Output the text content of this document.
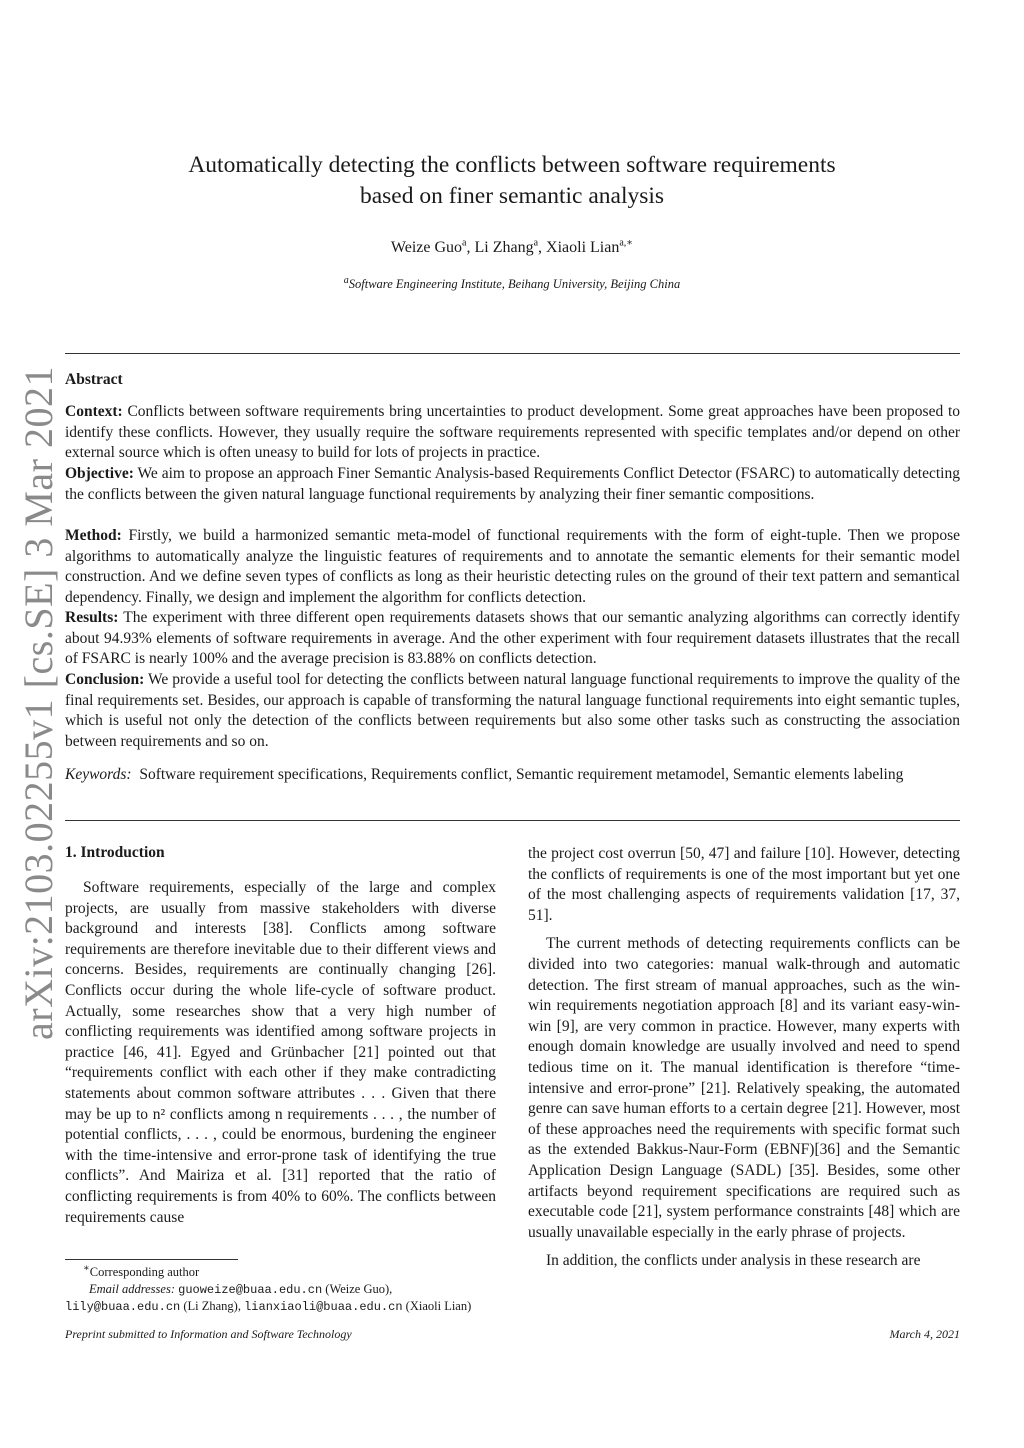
arXiv:2103.02255v1 [cs.SE] 3 Mar 2021
Automatically detecting the conflicts between software requirements
based on finer semantic analysis
Weize Guo$^a$, Li Zhang$^a$, Xiaoli Lian$^{a,∗}$
$^a$Software Engineering Institute, Beihang University, Beijing China
Abstract
Context: Conflicts between software requirements bring uncertainties to product development. Some great approaches have been proposed to identify these conflicts. However, they usually require the software requirements represented with specific templates and/or depend on other external source which is often uneasy to build for lots of projects in practice.
Objective: We aim to propose an approach Finer Semantic Analysis-based Requirements Conflict Detector (FSARC) to automatically detecting the conflicts between the given natural language functional requirements by analyzing their finer semantic compositions.
Method: Firstly, we build a harmonized semantic meta-model of functional requirements with the form of eight-tuple. Then we propose algorithms to automatically analyze the linguistic features of requirements and to annotate the semantic elements for their semantic model construction. And we define seven types of conflicts as long as their heuristic detecting rules on the ground of their text pattern and semantical dependency. Finally, we design and implement the algorithm for conflicts detection.
Results: The experiment with three different open requirements datasets shows that our semantic analyzing algorithms can correctly identify about 94.93% elements of software requirements in average. And the other experiment with four requirement datasets illustrates that the recall of FSARC is nearly 100% and the average precision is 83.88% on conflicts detection.
Conclusion: We provide a useful tool for detecting the conflicts between natural language functional requirements to improve the quality of the final requirements set. Besides, our approach is capable of transforming the natural language functional requirements into eight semantic tuples, which is useful not only the detection of the conflicts between requirements but also some other tasks such as constructing the association between requirements and so on.
Keywords: Software requirement specifications, Requirements conflict, Semantic requirement metamodel, Semantic elements labeling
1. Introduction

Software requirements, especially of the large and complex projects, are usually from massive stakeholders with diverse background and interests [38]. Conflicts among software requirements are therefore inevitable due to their different views and concerns. Besides, requirements are continually changing [26]. Conflicts occur during the whole life-cycle of software product. Actually, some researches show that a very high number of conflicting requirements was identified among software projects in practice [46, 41]. Egyed and Grünbacher [21] pointed out that “requirements conflict with each other if they make contradicting statements about common software attributes . . . Given that there may be up to n² conflicts among n requirements . . . , the number of potential conflicts, . . . , could be enormous, burdening the engineer with the time-intensive and error-prone task of identifying the true conflicts”. And Mairiza et al. [31] reported that the ratio of conflicting requirements is from 40% to 60%. The conflicts between requirements cause

the project cost overrun [50, 47] and failure [10]. However, detecting the conflicts of requirements is one of the most important but yet one of the most challenging aspects of requirements validation [17, 37, 51].

The current methods of detecting requirements conflicts can be divided into two categories: manual walk-through and automatic detection. The first stream of manual approaches, such as the win-win requirements negotiation approach [8] and its variant easy-win-win [9], are very common in practice. However, many experts with enough domain knowledge are usually involved and need to spend tedious time on it. The manual identification is therefore “time-intensive and error-prone” [21]. Relatively speaking, the automated genre can save human efforts to a certain degree [21]. However, most of these approaches need the requirements with specific format such as the extended Bakkus-Naur-Form (EBNF)[36] and the Semantic Application Design Language (SADL) [35]. Besides, some other artifacts beyond requirement specifications are required such as executable code [21], system performance constraints [48] which are usually unavailable especially in the early phrase of projects.

In addition, the conflicts under analysis in these research are

∗Corresponding author
Email addresses: guoweize@buaa.edu.cn (Weize Guo),
lily@buaa.edu.cn (Li Zhang), lianxiaoli@buaa.edu.cn (Xiaoli Lian)
Preprint submitted to Information and Software Technology	March 4, 2021
